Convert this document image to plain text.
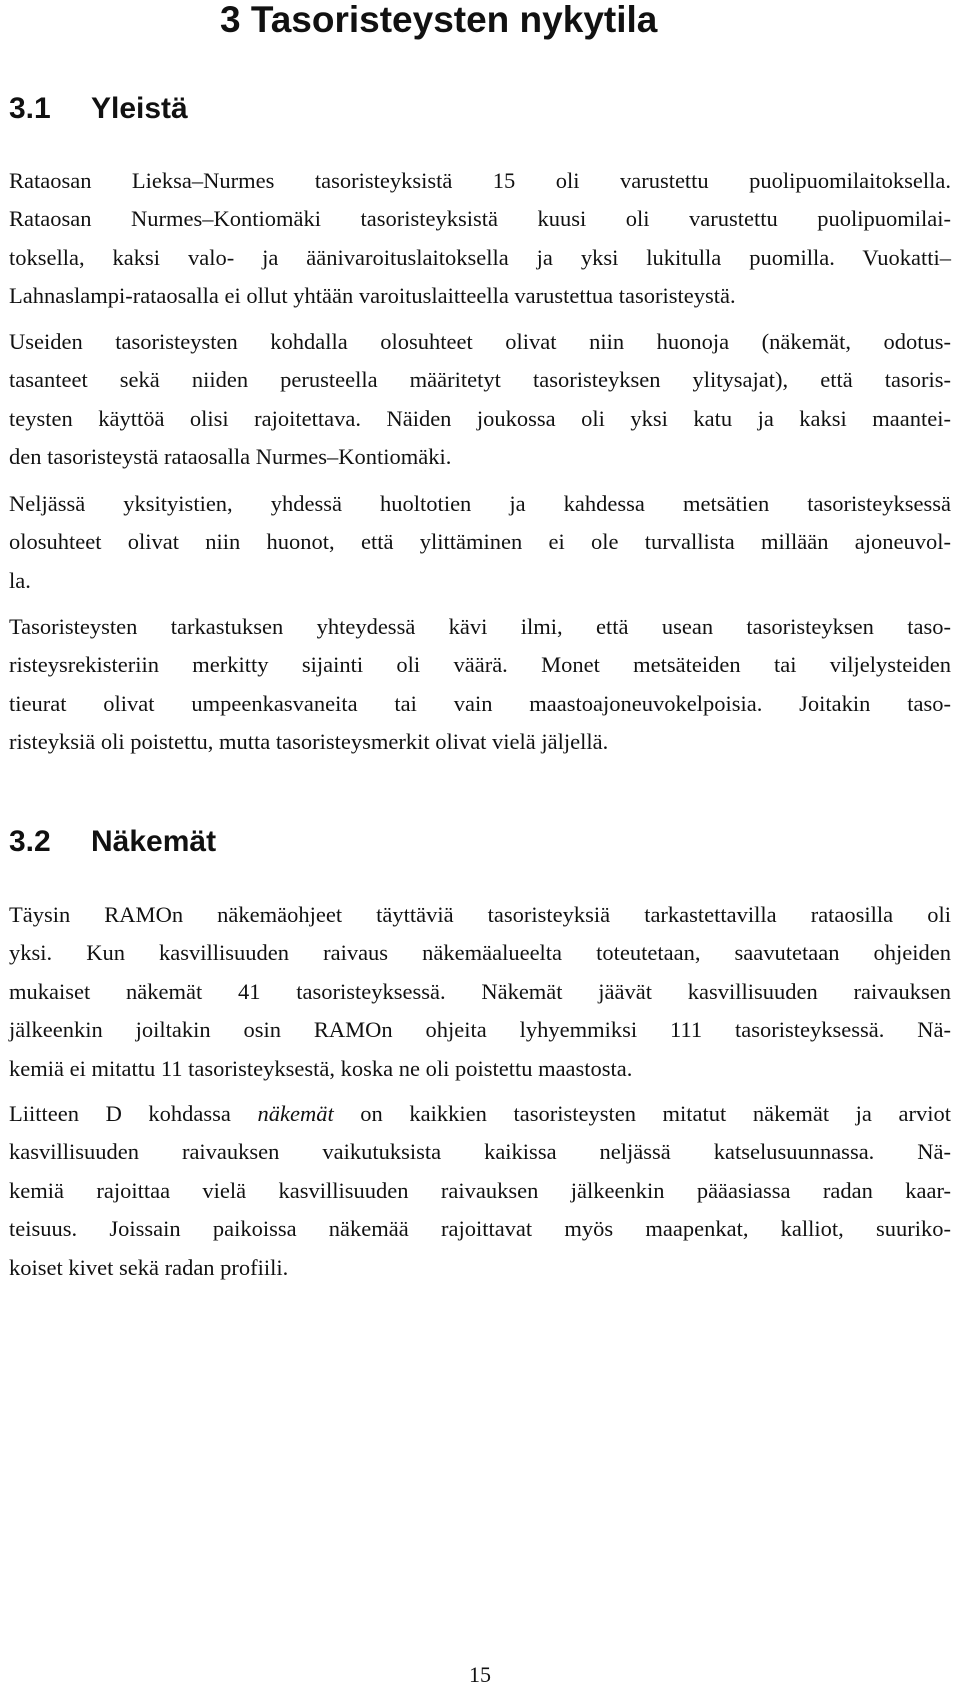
3 Tasoristeysten nykytila
3.1 Yleistä
Rataosan Lieksa–Nurmes tasoristeyksistä 15 oli varustettu puolipuomilaitoksella.
Rataosan Nurmes–Kontiomäki tasoristeyksistä kuusi oli varustettu puolipuomilai-
toksella, kaksi valo- ja äänivaroituslaitoksella ja yksi lukitulla puomilla. Vuokatti–
Lahnaslampi-rataosalla ei ollut yhtään varoituslaitteella varustettua tasoristeystä.
Useiden tasoristeysten kohdalla olosuhteet olivat niin huonoja (näkemät, odotus-
tasanteet sekä niiden perusteella määritetyt tasoristeyksen ylitysajat), että tasoris-
teysten käyttöä olisi rajoitettava. Näiden joukossa oli yksi katu ja kaksi maantei-
den tasoristeystä rataosalla Nurmes–Kontiomäki.
Neljässä yksityistien, yhdessä huoltotien ja kahdessa metsätien tasoristeyksessä
olosuhteet olivat niin huonot, että ylittäminen ei ole turvallista millään ajoneuvol-
la.
Tasoristeysten tarkastuksen yhteydessä kävi ilmi, että usean tasoristeyksen taso-
risteysrekisteriin merkitty sijainti oli väärä. Monet metsäteiden tai viljelysteiden
tieurat olivat umpeenkasvaneita tai vain maastoajoneuvokelpoisia. Joitakin taso-
risteyksiä oli poistettu, mutta tasoristeysmerkit olivat vielä jäljellä.
3.2 Näkemät
Täysin RAMOn näkemäohjeet täyttäviä tasoristeyksiä tarkastettavilla rataosilla oli
yksi. Kun kasvillisuuden raivaus näkemäalueelta toteutetaan, saavutetaan ohjeiden
mukaiset näkemät 41 tasoristeyksessä. Näkemät jäävät kasvillisuuden raivauksen
jälkeenkin joiltakin osin RAMOn ohjeita lyhyemmiksi 111 tasoristeyksessä. Nä-
kemiä ei mitattu 11 tasoristeyksestä, koska ne oli poistettu maastosta.
Liitteen D kohdassa näkemät on kaikkien tasoristeysten mitatut näkemät ja arviot
kasvillisuuden raivauksen vaikutuksista kaikissa neljässä katselusuunnassa. Nä-
kemiä rajoittaa vielä kasvillisuuden raivauksen jälkeenkin pääasiassa radan kaar-
teisuus. Joissain paikoissa näkemää rajoittavat myös maapenkat, kalliot, suuriko-
koiset kivet sekä radan profiili.

15
